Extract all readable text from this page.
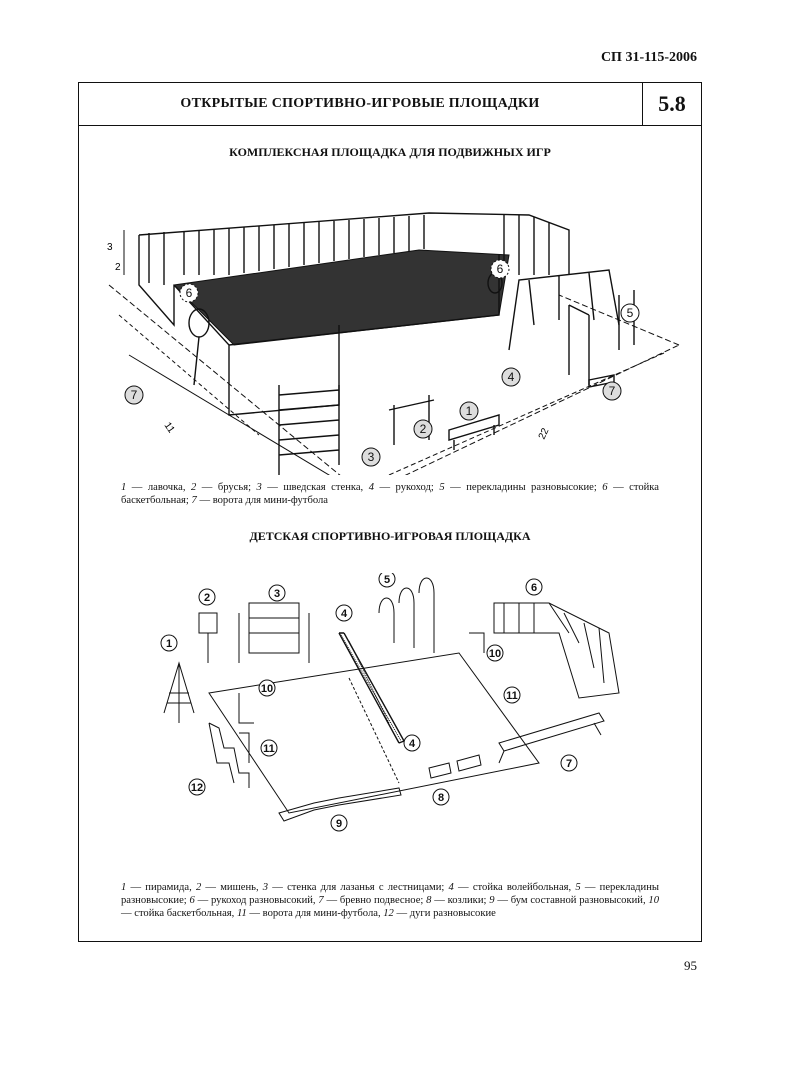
СП 31-115-2006
ОТКРЫТЫЕ СПОРТИВНО-ИГРОВЫЕ ПЛОЩАДКИ	5.8
КОМПЛЕКСНАЯ ПЛОЩАДКА ДЛЯ ПОДВИЖНЫХ ИГР
3
2
11	22
1
2
3
4
5
6
6
7	7
1 — лавочка, 2 — брусья; 3 — шведская стенка, 4 — рукоход; 5 — перекладины разновысокие; 6 — стойка баскетбольная; 7 — ворота для мини-футбола
ДЕТСКАЯ СПОРТИВНО-ИГРОВАЯ ПЛОЩАДКА
1
2	3
4
4
5
6
7
8
9
10
10
11
11
12
1 — пирамида, 2 — мишень, 3 — стенка для лазанья с лестницами; 4 — стойка волейбольная, 5 — перекладины разновысокие; 6 — рукоход разновысокий, 7 — бревно подвесное; 8 — козлики; 9 — бум составной разновысокий, 10 — стойка баскетбольная, 11 — ворота для мини-футбола, 12 — дуги разновысокие
95
